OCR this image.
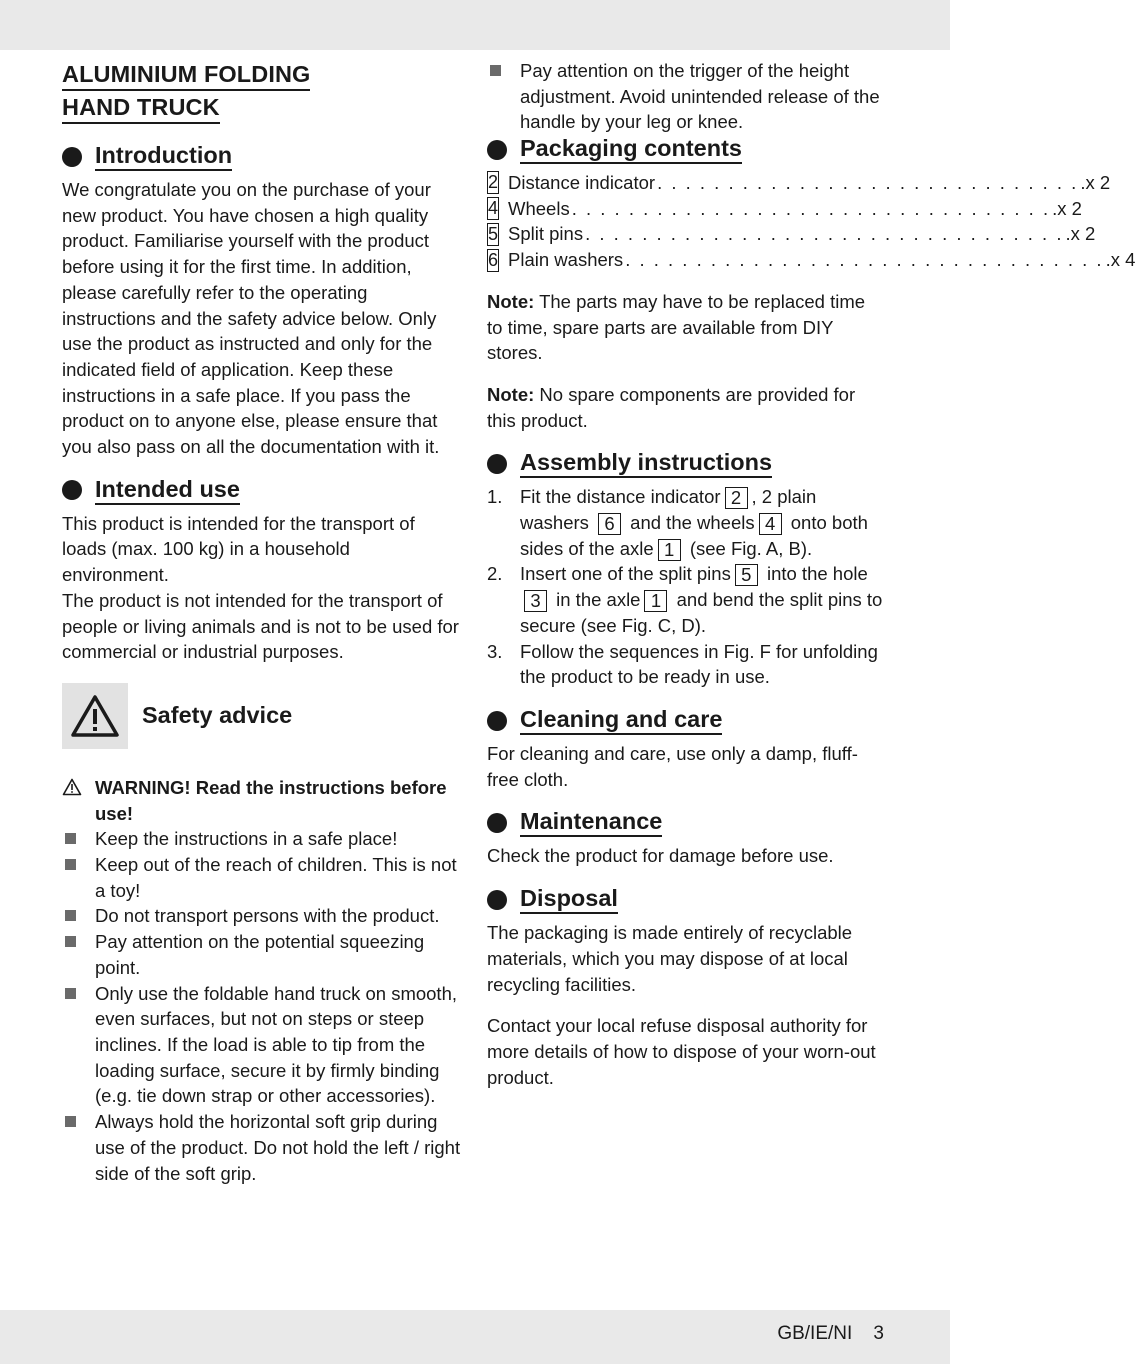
ALUMINIUM FOLDING
HAND TRUCK
Introduction

We congratulate you on the purchase of your new product. You have chosen a high quality product. Familiarise yourself with the product before using it for the first time. In addition, please carefully refer to the operating instructions and the safety advice below. Only use the product as instructed and only for the indicated field of application. Keep these instructions in a safe place. If you pass the product on to anyone else, please ensure that you also pass on all the documentation with it.

Intended use

This product is intended for the transport of loads (max. 100 kg) in a household environment.

The product is not intended for the transport of people or living animals and is not to be used for commercial or industrial purposes.

Safety advice
WARNING! Read the instructions before use!
Keep the instructions in a safe place!
Keep out of the reach of children. This is not a toy!
Do not transport persons with the product.
Pay attention on the potential squeezing point.
Only use the foldable hand truck on smooth, even surfaces, but not on steps or steep inclines. If the load is able to tip from the loading surface, secure it by firmly binding (e.g. tie down strap or other accessories).
Always hold the horizontal soft grip during use of the product. Do not hold the left / right side of the soft grip.
Pay attention on the trigger of the height adjustment. Avoid unintended release of the handle by your leg or knee.
Packaging contents
2 Distance indicator . . . . . . . . . . . . . . . . . . . . . . . . . . . . . . .x 2
4 Wheels . . . . . . . . . . . . . . . . . . . . . . . . . . . . . . . . . . .x 2
5 Split pins . . . . . . . . . . . . . . . . . . . . . . . . . . . . . . . . . . .x 2
6 Plain washers . . . . . . . . . . . . . . . . . . . . . . . . . . . . . . . . . . .x 4

Note: The parts may have to be replaced time to time, spare parts are available from DIY stores.

Note: No spare components are provided for this product.

Assembly instructions
1. Fit the distance indicator 2 , 2 plain washers 6 and the wheels 4 onto both sides of the axle 1 (see Fig. A, B).
2. Insert one of the split pins 5 into the hole 3 in the axle 1 and bend the split pins to secure (see Fig. C, D).
3. Follow the sequences in Fig. F for unfolding the product to be ready in use.
Cleaning and care

For cleaning and care, use only a damp, fluff-free cloth.

Maintenance

Check the product for damage before use.

Disposal

The packaging is made entirely of recyclable materials, which you may dispose of at local recycling facilities.

Contact your local refuse disposal authority for more details of how to dispose of your worn-out product.

GB/IE/NI 3
